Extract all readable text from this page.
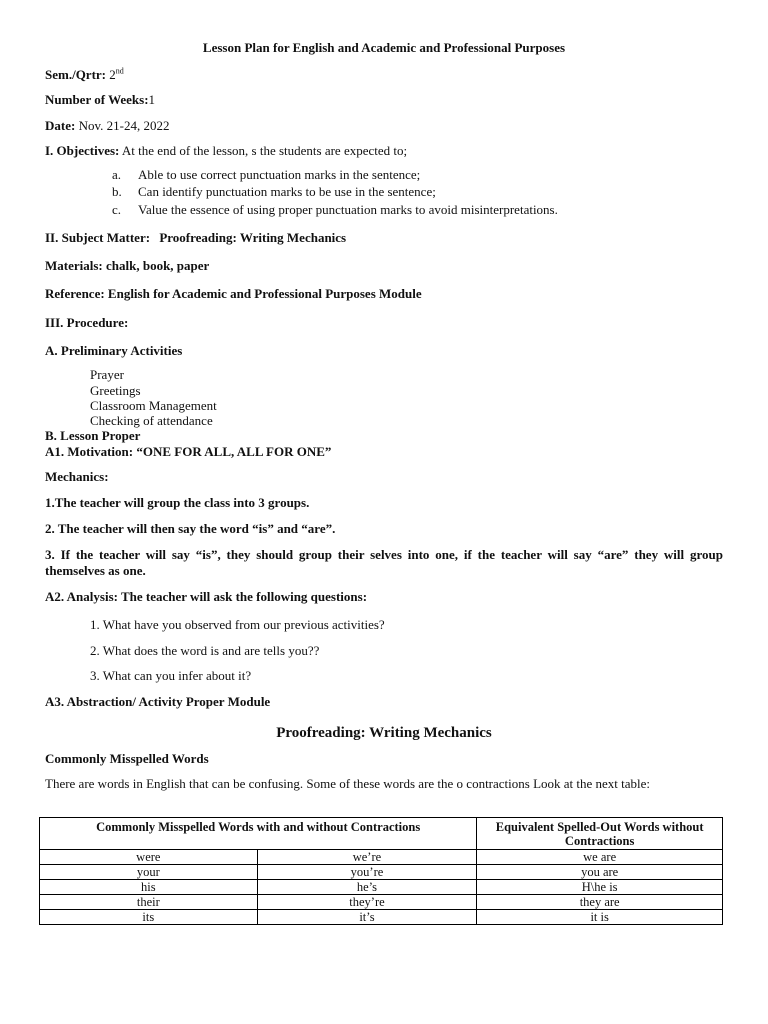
Lesson Plan for English and Academic and Professional Purposes
Sem./Qrtr: 2nd
Number of Weeks:1
Date: Nov. 21-24, 2022
I. Objectives: At the end of the lesson, s the students are expected to;
a. Able to use correct punctuation marks in the sentence;
b. Can identify punctuation marks to be use in the sentence;
c. Value the essence of using proper punctuation marks to avoid misinterpretations.
II. Subject Matter: Proofreading: Writing Mechanics
Materials: chalk, book, paper
Reference: English for Academic and Professional Purposes Module
III. Procedure:
A. Preliminary Activities
Prayer
Greetings
Classroom Management
Checking of attendance
B. Lesson Proper
A1. Motivation: “ONE FOR ALL, ALL FOR ONE”
Mechanics:
1.The teacher will group the class into 3 groups.
2. The teacher will then say the word “is” and “are”.
3. If the teacher will say “is”, they should group their selves into one, if the teacher will say “are” they will group themselves as one.
A2. Analysis: The teacher will ask the following questions:
1. What have you observed from our previous activities?
2. What does the word is and are tells you??
3. What can you infer about it?
A3. Abstraction/ Activity Proper Module
Proofreading: Writing Mechanics
Commonly Misspelled Words
There are words in English that can be confusing. Some of these words are the o contractions Look at the next table:
Commonly Misspelled Words with and without Contractions		Equivalent Spelled-Out Words without Contractions
were	we’re	we are
your	you’re	you are
his	he’s	H\he is
their	they’re	they are
its	it’s	it is
